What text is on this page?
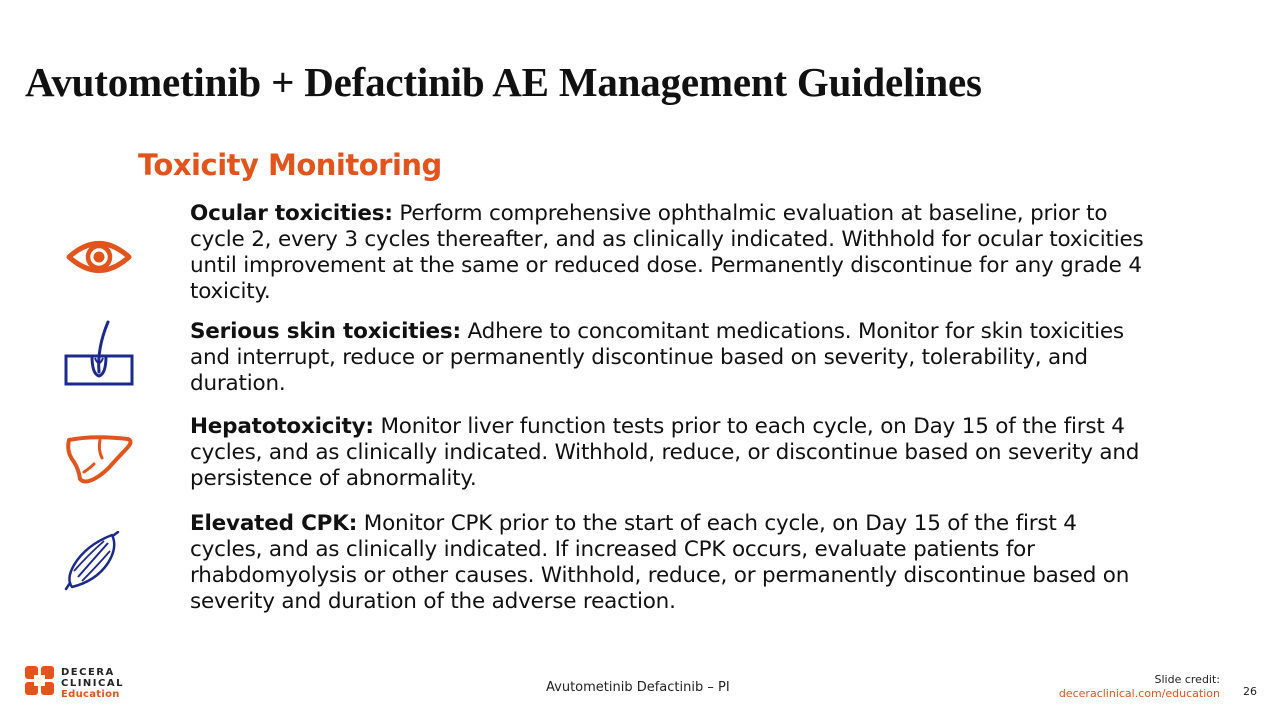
Avutometinib + Defactinib AE Management Guidelines
Toxicity Monitoring
Ocular toxicities: Perform comprehensive ophthalmic evaluation at baseline, prior to cycle 2, every 3 cycles thereafter, and as clinically indicated. Withhold for ocular toxicities until improvement at the same or reduced dose. Permanently discontinue for any grade 4 toxicity.
Serious skin toxicities: Adhere to concomitant medications. Monitor for skin toxicities and interrupt, reduce or permanently discontinue based on severity, tolerability, and duration.
Hepatotoxicity: Monitor liver function tests prior to each cycle, on Day 15 of the first 4 cycles, and as clinically indicated. Withhold, reduce, or discontinue based on severity and persistence of abnormality.
Elevated CPK: Monitor CPK prior to the start of each cycle, on Day 15 of the first 4 cycles, and as clinically indicated. If increased CPK occurs, evaluate patients for rhabdomyolysis or other causes. Withhold, reduce, or permanently discontinue based on severity and duration of the adverse reaction.
DECERA
CLINICAL
Education	Avutometinib Defactinib – PI
Slide credit:
deceraclinical.com/education 26
